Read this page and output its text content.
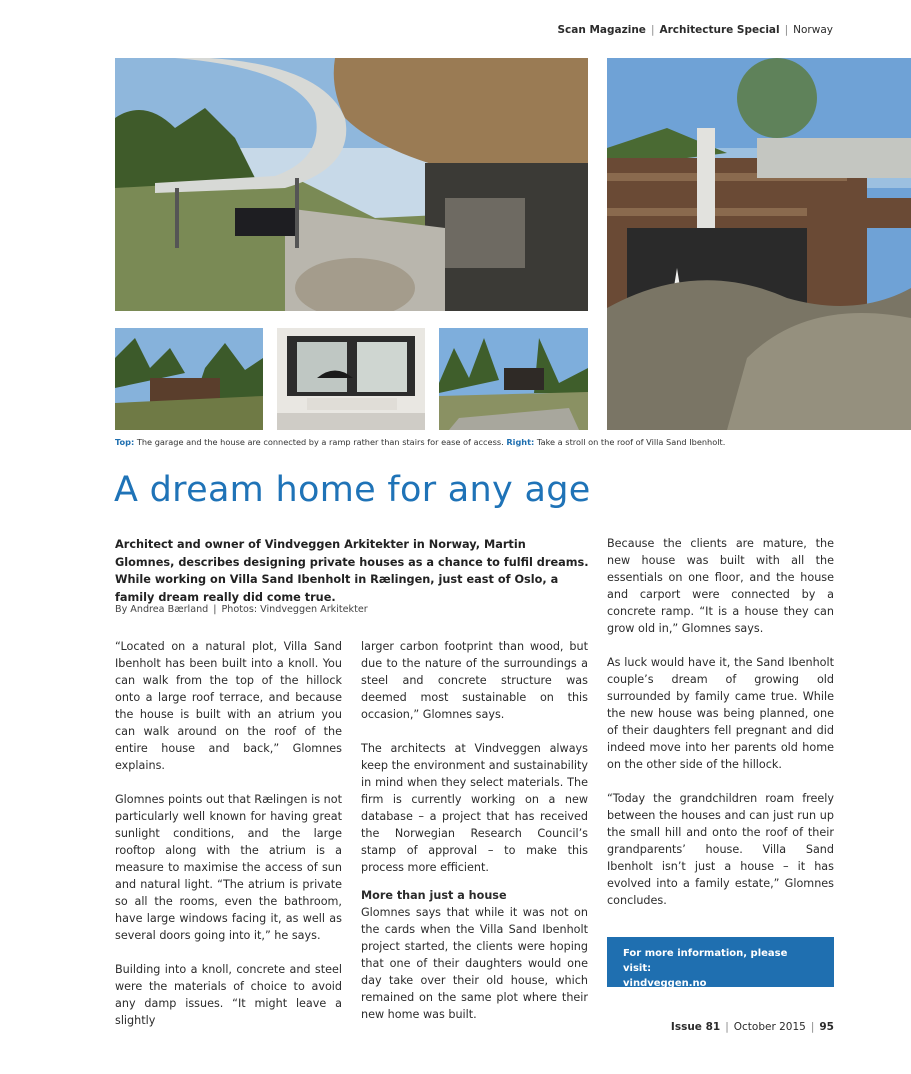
Scan Magazine | Architecture Special | Norway
Top: The garage and the house are connected by a ramp rather than stairs for ease of access. Right: Take a stroll on the roof of Villa Sand Ibenholt.
A dream home for any age

Architect and owner of Vindveggen Arkitekter in Norway, Martin Glomnes, describes designing private houses as a chance to fulfil dreams. While working on Villa Sand Ibenholt in Rælingen, just east of Oslo, a family dream really did come true.

By Andrea Bærland | Photos: Vindveggen Arkitekter

“Located on a natural plot, Villa Sand Ibenholt has been built into a knoll. You can walk from the top of the hillock onto a large roof terrace, and because the house is built with an atrium you can walk around on the roof of the entire house and back,” Glomnes explains.

Glomnes points out that Rælingen is not particularly well known for having great sunlight conditions, and the large rooftop along with the atrium is a measure to maximise the access of sun and natural light. “The atrium is private so all the rooms, even the bathroom, have large windows facing it, as well as several doors going into it,” he says.

Building into a knoll, concrete and steel were the materials of choice to avoid any damp issues. “It might leave a slightly

larger carbon footprint than wood, but due to the nature of the surroundings a steel and concrete structure was deemed most sustainable on this occasion,” Glomnes says.

The architects at Vindveggen always keep the environment and sustainability in mind when they select materials. The firm is currently working on a new database – a project that has received the Norwegian Research Council’s stamp of approval – to make this process more efficient.

More than just a house

Glomnes says that while it was not on the cards when the Villa Sand Ibenholt project started, the clients were hoping that one of their daughters would one day take over their old house, which remained on the same plot where their new home was built.

Because the clients are mature, the new house was built with all the essentials on one floor, and the house and carport were connected by a concrete ramp. “It is a house they can grow old in,” Glomnes says.

As luck would have it, the Sand Ibenholt couple’s dream of growing old surrounded by family came true. While the new house was being planned, one of their daughters fell pregnant and did indeed move into her parents old home on the other side of the hillock.

“Today the grandchildren roam freely between the houses and can just run up the small hill and onto the roof of their grandparents’ house. Villa Sand Ibenholt isn’t just a house – it has evolved into a family estate,” Glomnes concludes.

For more information, please visit:
vindveggen.no
Issue 81 | October 2015 | 95
